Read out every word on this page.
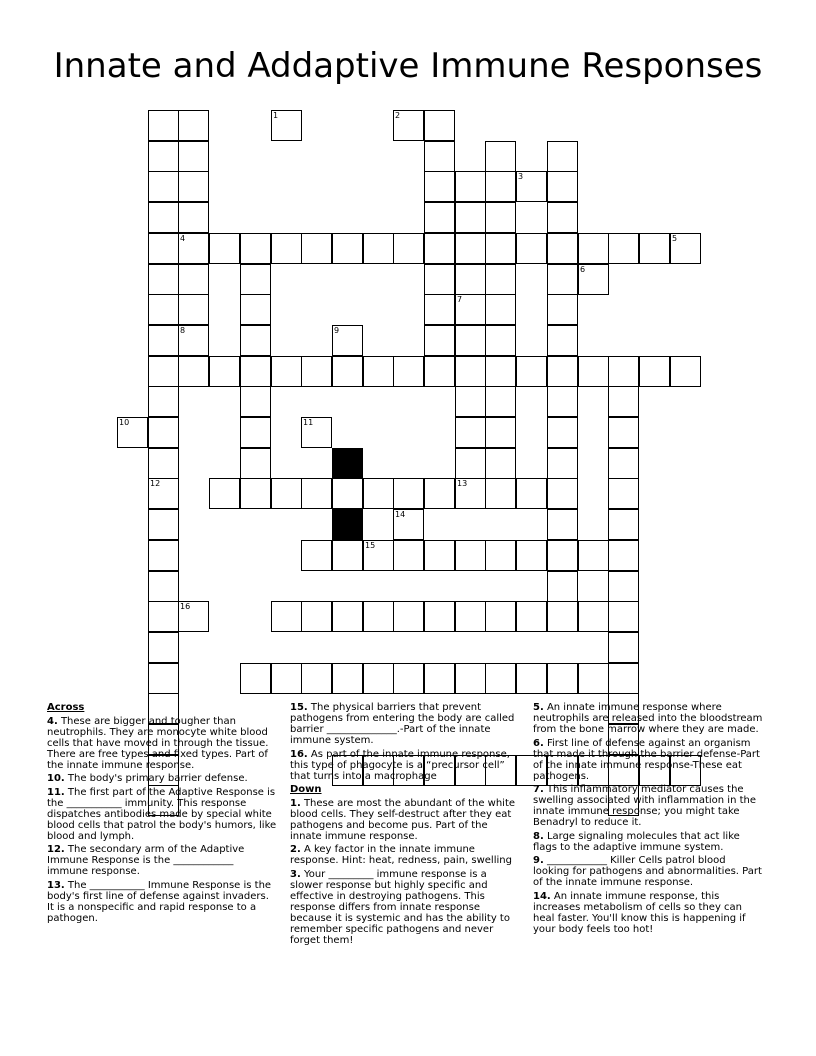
Innate and Addaptive Immune Responses
4
13
15
7
8
12
1	2
3
5
6
9
10	11
14
16
Across
4. These are bigger and tougher than neutrophils. They are monocyte white blood cells that have moved in through the tissue. There are free types and fixed types. Part of the innate immune response.
10. The body's primary barrier defense.
11. The first part of the Adaptive Response is the ___________ immunity. This response dispatches antibodies made by special white blood cells that patrol the body's humors, like blood and lymph.
12. The secondary arm of the Adaptive Immune Response is the ____________ immune response.
13. The ___________ Immune Response is the body's first line of defense against invaders. It is a nonspecific and rapid response to a pathogen.
15. The physical barriers that prevent pathogens from entering the body are called barrier ______________.-Part of the innate immune system.
16. As part of the innate immune response, this type of phagocyte is a “precursor cell” that turns into a macrophage
Down
1. These are most the abundant of the white blood cells. They self-destruct after they eat pathogens and become pus. Part of the innate immune response.
2. A key factor in the innate immune response. Hint: heat, redness, pain, swelling
3. Your _________ immune response is a slower response but highly specific and effective in destroying pathogens. This response differs from innate response because it is systemic and has the ability to remember specific pathogens and never forget them!
5. An innate immune response where neutrophils are released into the bloodstream from the bone marrow where they are made.
6. First line of defense against an organism that made it through the barrier defense-Part of the innate immune response-These eat pathogens.
7. This inflammatory mediator causes the swelling associated with inflammation in the innate immune response; you might take Benadryl to reduce it.
8. Large signaling molecules that act like flags to the adaptive immune system.
9. ____________ Killer Cells patrol blood looking for pathogens and abnormalities. Part of the innate immune response.
14. An innate immune response, this increases metabolism of cells so they can heal faster. You'll know this is happening if your body feels too hot!
